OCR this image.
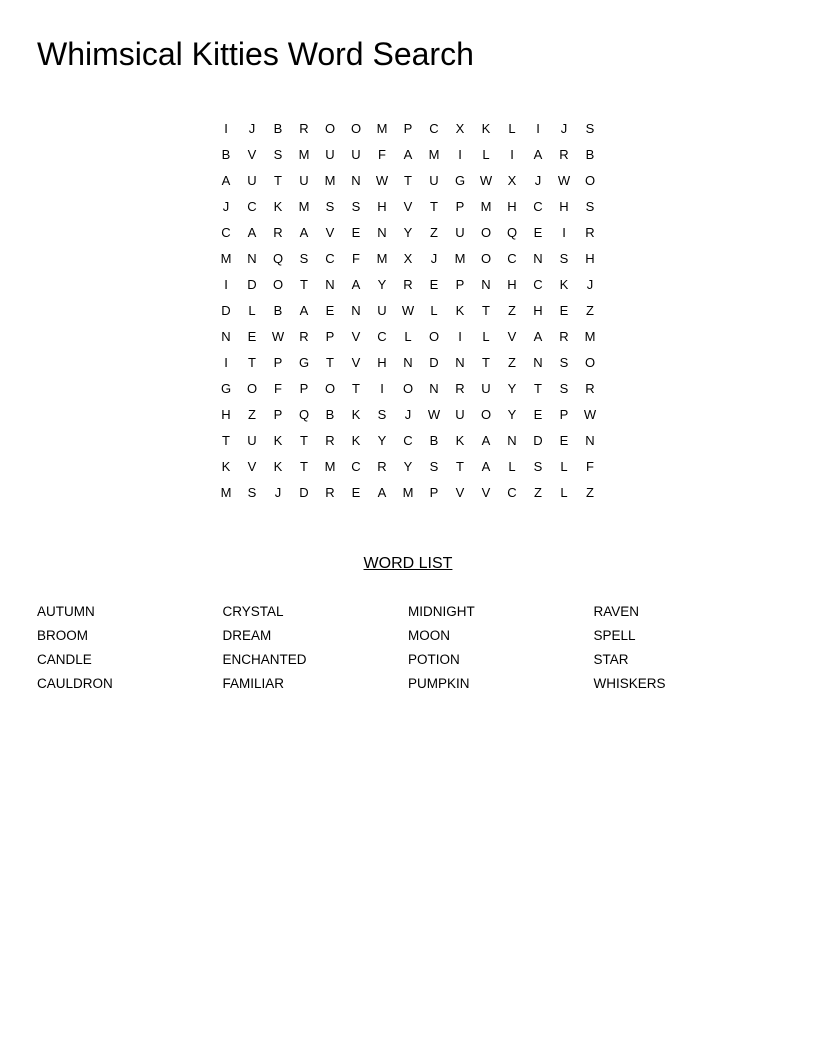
Whimsical Kitties Word Search
I	J	B	R	O	O	M	P	C	X	K	L	I	J	S
B	V	S	M	U	U	F	A	M	I	L	I	A	R	B
A	U	T	U	M	N	W	T	U	G	W	X	J	W	O
J	C	K	M	S	S	H	V	T	P	M	H	C	H	S
C	A	R	A	V	E	N	Y	Z	U	O	Q	E	I	R
M	N	Q	S	C	F	M	X	J	M	O	C	N	S	H
I	D	O	T	N	A	Y	R	E	P	N	H	C	K	J
D	L	B	A	E	N	U	W	L	K	T	Z	H	E	Z
N	E	W	R	P	V	C	L	O	I	L	V	A	R	M
I	T	P	G	T	V	H	N	D	N	T	Z	N	S	O
G	O	F	P	O	T	I	O	N	R	U	Y	T	S	R
H	Z	P	Q	B	K	S	J	W	U	O	Y	E	P	W
T	U	K	T	R	K	Y	C	B	K	A	N	D	E	N
K	V	K	T	M	C	R	Y	S	T	A	L	S	L	F
M	S	J	D	R	E	A	M	P	V	V	C	Z	L	Z
WORD LIST
AUTUMN
BROOM
CANDLE
CAULDRON
CRYSTAL
DREAM
ENCHANTED
FAMILIAR
MIDNIGHT
MOON
POTION
PUMPKIN
RAVEN
SPELL
STAR
WHISKERS
